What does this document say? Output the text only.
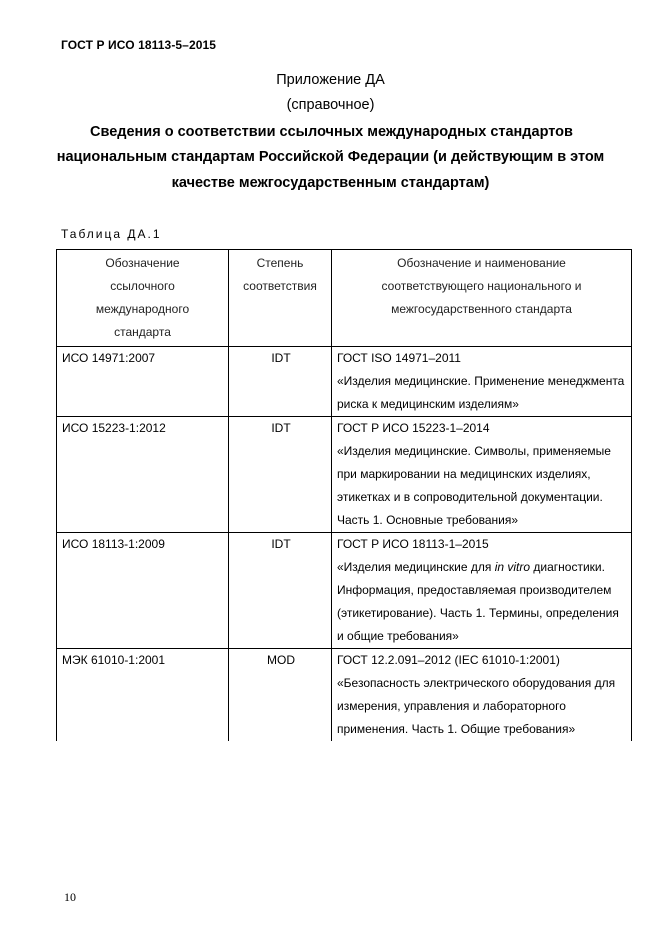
ГОСТ Р ИСО 18113-5–2015
Приложение ДА
(справочное)
Сведения о соответствии ссылочных международных стандартов
национальным стандартам Российской Федерации (и действующим в этом
качестве межгосударственным стандартам)
Таблица ДА.1
Обозначение ссылочного международного стандарта	Степень соответствия	Обозначение и наименование соответствующего национального и межгосударственного стандарта
ИСО 14971:2007	IDT	ГОСТ ISO 14971–2011
«Изделия медицинские. Применение менеджмента риска к медицинским изделиям»

ИСО 15223-1:2012	IDT	ГОСТ Р ИСО 15223-1–2014
«Изделия медицинские. Символы, применяемые при маркировании на медицинских изделиях, этикетках и в сопроводительной документации. Часть 1. Основные требования»

ИСО 18113-1:2009	IDT	ГОСТ Р ИСО 18113-1–2015
«Изделия медицинские для in vitro диагностики. Информация, предоставляемая производителем (этикетирование). Часть 1. Термины, определения и общие требования»

МЭК 61010-1:2001	MOD	ГОСТ 12.2.091–2012 (IEC 61010-1:2001)
«Безопасность электрического оборудования для измерения, управления и лабораторного применения. Часть 1. Общие требования»
10
